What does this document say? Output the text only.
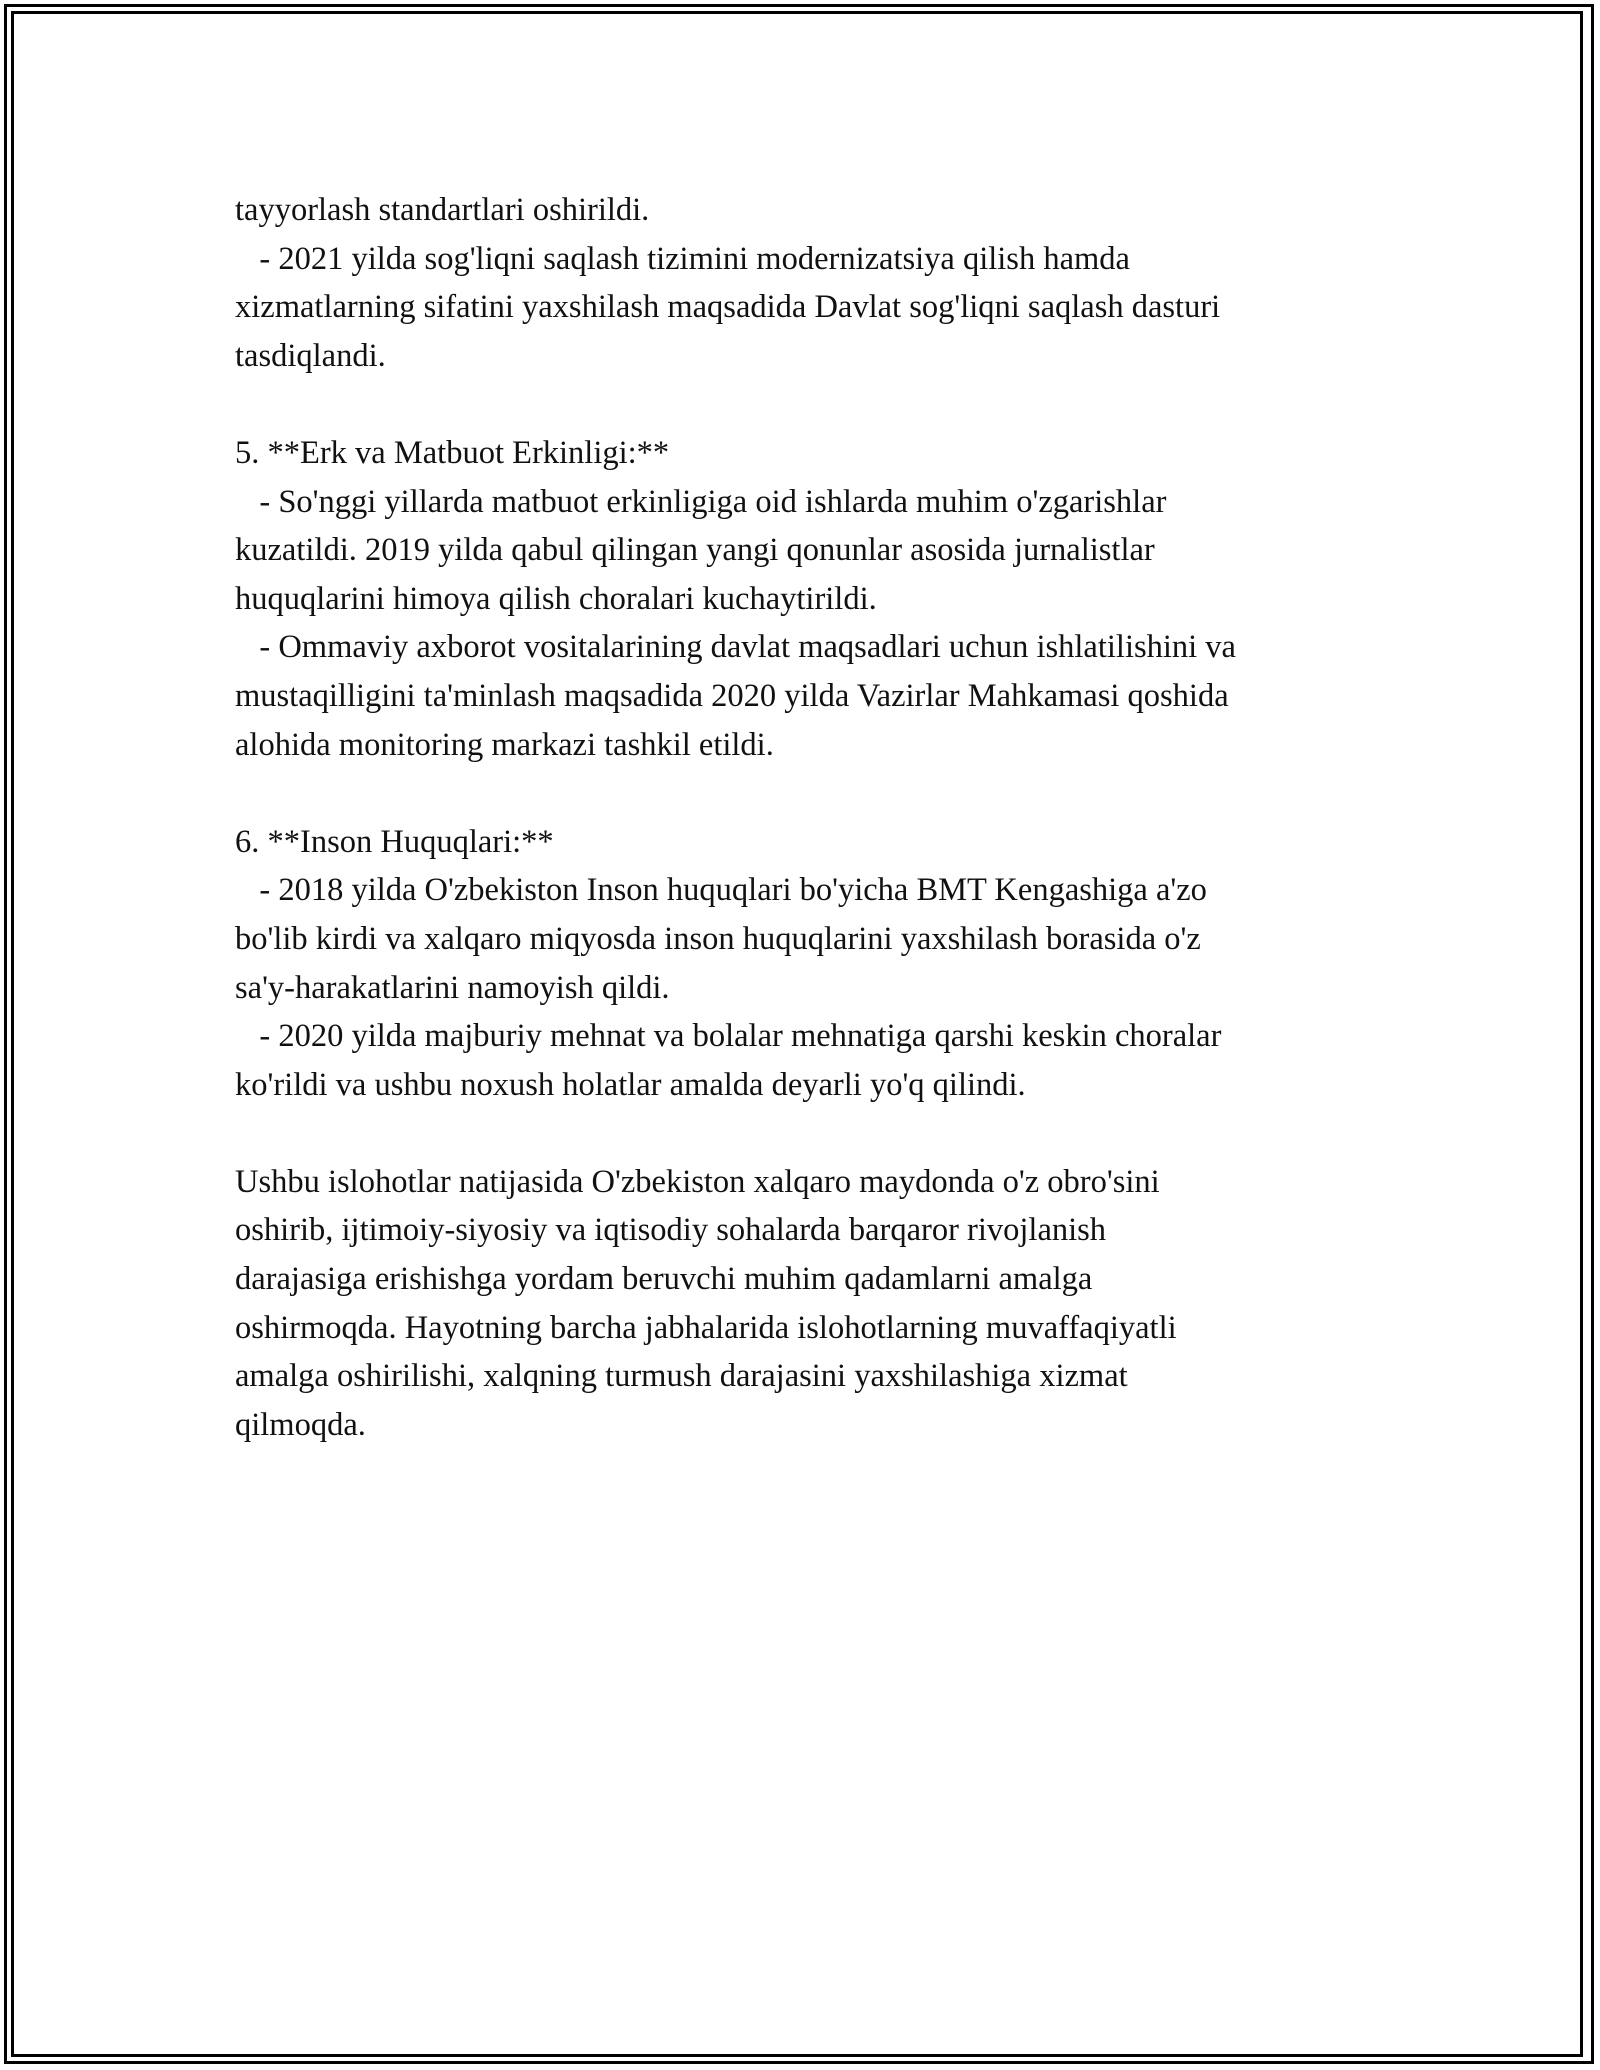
tayyorlash standartlari oshirildi.
- 2021 yilda sog'liqni saqlash tizimini modernizatsiya qilish hamda
xizmatlarning sifatini yaxshilash maqsadida Davlat sog'liqni saqlash dasturi
tasdiqlandi.
5. **Erk va Matbuot Erkinligi:**
- So'nggi yillarda matbuot erkinligiga oid ishlarda muhim o'zgarishlar
kuzatildi. 2019 yilda qabul qilingan yangi qonunlar asosida jurnalistlar
huquqlarini himoya qilish choralari kuchaytirildi.
- Ommaviy axborot vositalarining davlat maqsadlari uchun ishlatilishini va
mustaqilligini ta'minlash maqsadida 2020 yilda Vazirlar Mahkamasi qoshida
alohida monitoring markazi tashkil etildi.
6. **Inson Huquqlari:**
- 2018 yilda O'zbekiston Inson huquqlari bo'yicha BMT Kengashiga a'zo
bo'lib kirdi va xalqaro miqyosda inson huquqlarini yaxshilash borasida o'z
sa'y-harakatlarini namoyish qildi.
- 2020 yilda majburiy mehnat va bolalar mehnatiga qarshi keskin choralar
ko'rildi va ushbu noxush holatlar amalda deyarli yo'q qilindi.
Ushbu islohotlar natijasida O'zbekiston xalqaro maydonda o'z obro'sini
oshirib, ijtimoiy-siyosiy va iqtisodiy sohalarda barqaror rivojlanish
darajasiga erishishga yordam beruvchi muhim qadamlarni amalga
oshirmoqda. Hayotning barcha jabhalarida islohotlarning muvaffaqiyatli
amalga oshirilishi, xalqning turmush darajasini yaxshilashiga xizmat
qilmoqda.
